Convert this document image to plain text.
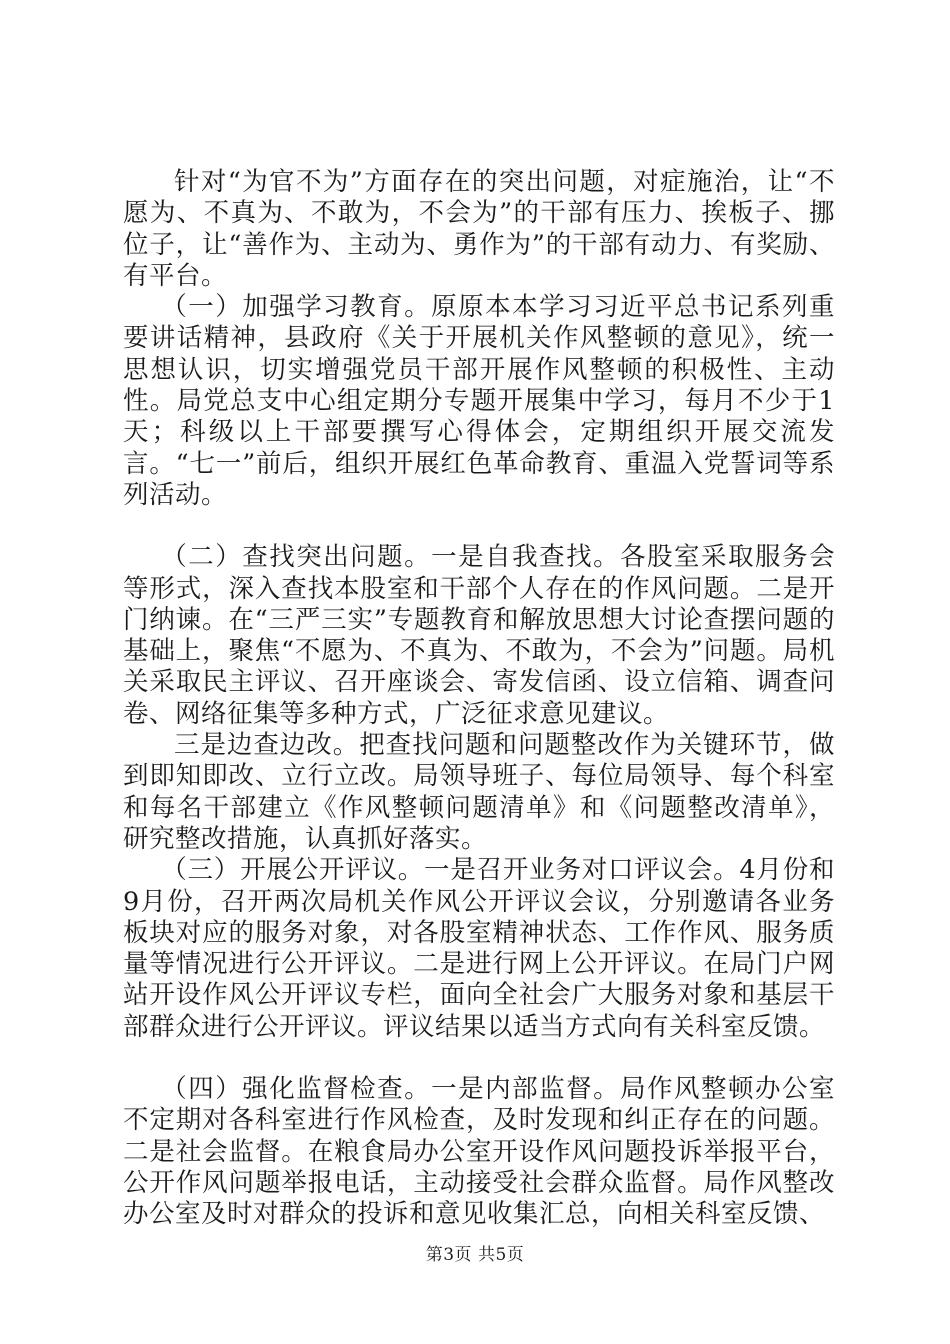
针对“为官不为”方面存在的突出问题，对症施治，让“不愿为、不真为、不敢为，不会为”的干部有压力、挨板子、挪位子，让“善作为、主动为、勇作为”的干部有动力、有奖励、有平台。

（一）加强学习教育。原原本本学习习近平总书记系列重要讲话精神，县政府《关于开展机关作风整顿的意见》，统一思想认识，切实增强党员干部开展作风整顿的积极性、主动性。局党总支中心组定期分专题开展集中学习，每月不少于1天；科级以上干部要撰写心得体会，定期组织开展交流发言。“七一”前后，组织开展红色革命教育、重温入党誓词等系列活动。

（二）查找突出问题。一是自我查找。各股室采取服务会等形式，深入查找本股室和干部个人存在的作风问题。二是开门纳谏。在“三严三实”专题教育和解放思想大讨论查摆问题的基础上，聚焦“不愿为、不真为、不敢为，不会为”问题。局机关采取民主评议、召开座谈会、寄发信函、设立信箱、调查问卷、网络征集等多种方式，广泛征求意见建议。

三是边查边改。把查找问题和问题整改作为关键环节，做到即知即改、立行立改。局领导班子、每位局领导、每个科室和每名干部建立《作风整顿问题清单》和《问题整改清单》，研究整改措施，认真抓好落实。

（三）开展公开评议。一是召开业务对口评议会。4月份和9月份，召开两次局机关作风公开评议会议，分别邀请各业务板块对应的服务对象，对各股室精神状态、工作作风、服务质量等情况进行公开评议。二是进行网上公开评议。在局门户网站开设作风公开评议专栏，面向全社会广大服务对象和基层干部群众进行公开评议。评议结果以适当方式向有关科室反馈。

（四）强化监督检查。一是内部监督。局作风整顿办公室不定期对各科室进行作风检查，及时发现和纠正存在的问题。二是社会监督。在粮食局办公室开设作风问题投诉举报平台，公开作风问题举报电话，主动接受社会群众监督。局作风整改办公室及时对群众的投诉和意见收集汇总，向相关科室反馈、

第3页 共5页
